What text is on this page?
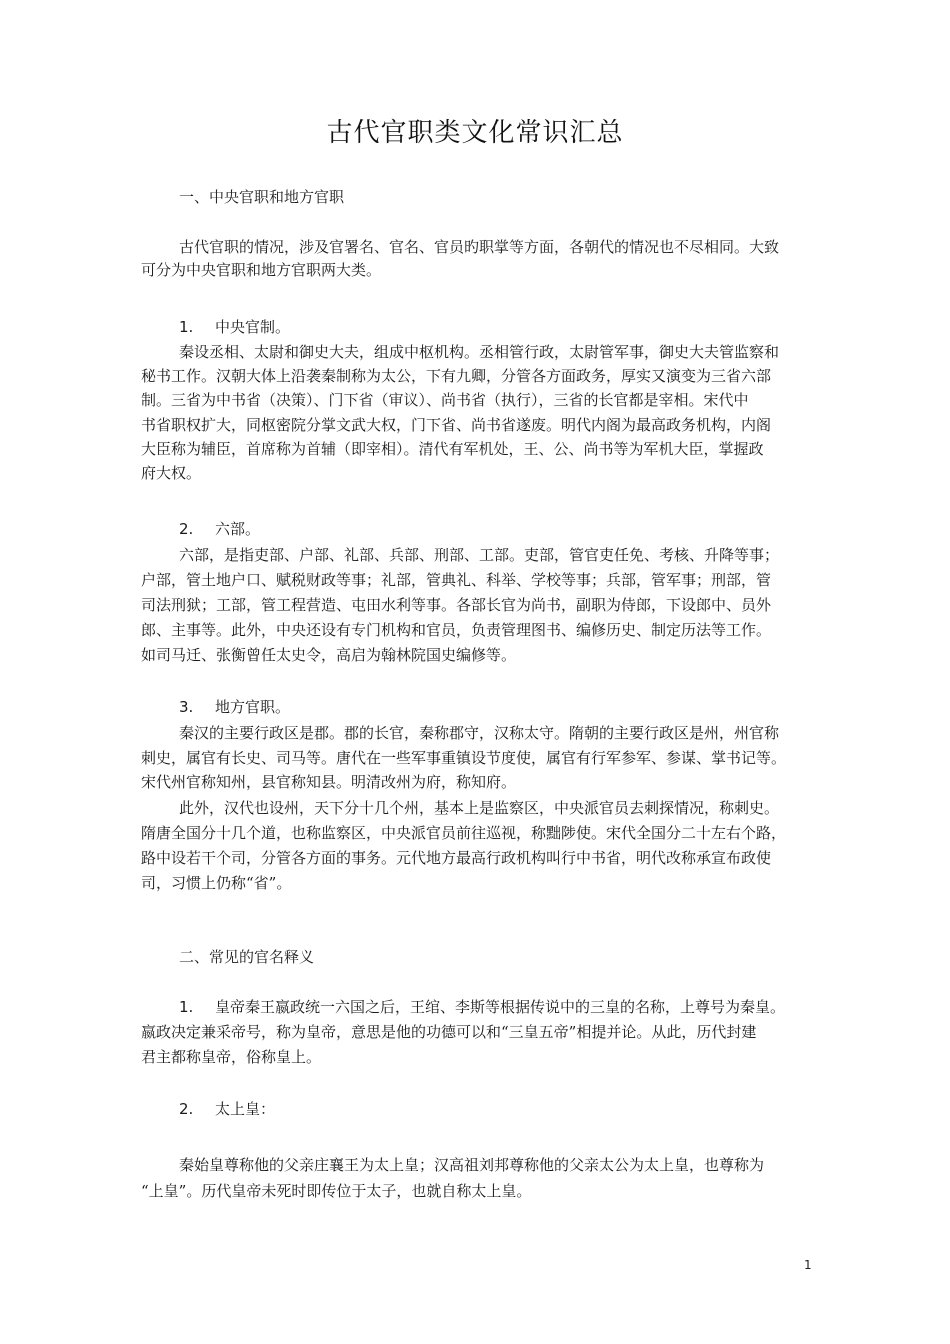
古代官职类文化常识汇总
一、中央官职和地方官职
古代官职的情况，涉及官署名、官名、官员旳职掌等方面，各朝代的情况也不尽相同。大致
可分为中央官职和地方官职两大类。
1. 中央官制。
秦设丞相、太尉和御史大夫，组成中枢机构。丞相管行政，太尉管军事，御史大夫管监察和
秘书工作。汉朝大体上沿袭秦制称为太公，下有九卿，分管各方面政务，厚实又演变为三省六部
制。三省为中书省（决策）、门下省（审议）、尚书省（执行），三省的长官都是宰相。宋代中
书省职权扩大，同枢密院分掌文武大权，门下省、尚书省遂废。明代内阁为最高政务机构，内阁
大臣称为辅臣，首席称为首辅（即宰相）。清代有军机处，王、公、尚书等为军机大臣，掌握政
府大权。
2. 六部。
六部，是指吏部、户部、礼部、兵部、刑部、工部。吏部，管官吏任免、考核、升降等事；
户部，管土地户口、赋税财政等事；礼部，管典礼、科举、学校等事；兵部，管军事；刑部，管
司法刑狱；工部，管工程营造、屯田水利等事。各部长官为尚书，副职为侍郎，下设郎中、员外
郎、主事等。此外，中央还设有专门机构和官员，负责管理图书、编修历史、制定历法等工作。
如司马迁、张衡曾任太史令，高启为翰林院国史编修等。
3. 地方官职。
秦汉的主要行政区是郡。郡的长官，秦称郡守，汉称太守。隋朝的主要行政区是州，州官称
刺史，属官有长史、司马等。唐代在一些军事重镇设节度使，属官有行军参军、参谋、掌书记等。
宋代州官称知州，县官称知县。明清改州为府，称知府。
此外，汉代也设州，天下分十几个州，基本上是监察区，中央派官员去刺探情况，称刺史。
隋唐全国分十几个道，也称监察区，中央派官员前往巡视，称黜陟使。宋代全国分二十左右个路，
路中设若干个司，分管各方面的事务。元代地方最高行政机构叫行中书省，明代改称承宣布政使
司，习惯上仍称“省”。
二、常见的官名释义
1. 皇帝秦王嬴政统一六国之后，王绾、李斯等根据传说中的三皇的名称，上尊号为秦皇。
嬴政决定兼采帝号，称为皇帝，意思是他的功德可以和“三皇五帝”相提并论。从此，历代封建
君主都称皇帝，俗称皇上。
2. 太上皇：
秦始皇尊称他的父亲庄襄王为太上皇；汉高祖刘邦尊称他的父亲太公为太上皇，也尊称为
“上皇”。历代皇帝未死时即传位于太子，也就自称太上皇。
1
